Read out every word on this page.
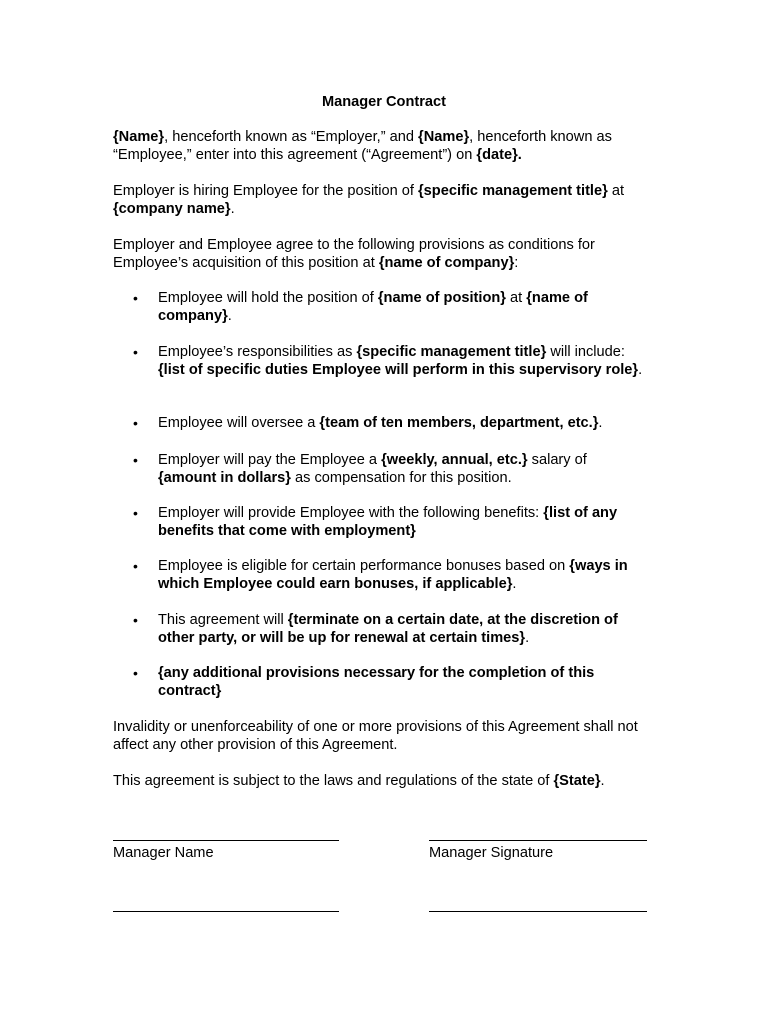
Manager Contract

{Name}, henceforth known as “Employer,” and {Name}, henceforth known as “Employee,” enter into this agreement (“Agreement”) on {date}.

Employer is hiring Employee for the position of {specific management title} at {company name}.

Employer and Employee agree to the following provisions as conditions for Employee’s acquisition of this position at {name of company}:

• Employee will hold the position of {name of position} at {name of company}.
• Employee’s responsibilities as {specific management title} will include: {list of specific duties Employee will perform in this supervisory role}.
• Employee will oversee a {team of ten members, department, etc.}.
• Employer will pay the Employee a {weekly, annual, etc.} salary of {amount in dollars} as compensation for this position.
• Employer will provide Employee with the following benefits: {list of any benefits that come with employment}
• Employee is eligible for certain performance bonuses based on {ways in which Employee could earn bonuses, if applicable}.
• This agreement will {terminate on a certain date, at the discretion of other party, or will be up for renewal at certain times}.
• {any additional provisions necessary for the completion of this contract}

Invalidity or unenforceability of one or more provisions of this Agreement shall not affect any other provision of this Agreement.

This agreement is subject to the laws and regulations of the state of {State}.

Manager Name	Manager Signature
